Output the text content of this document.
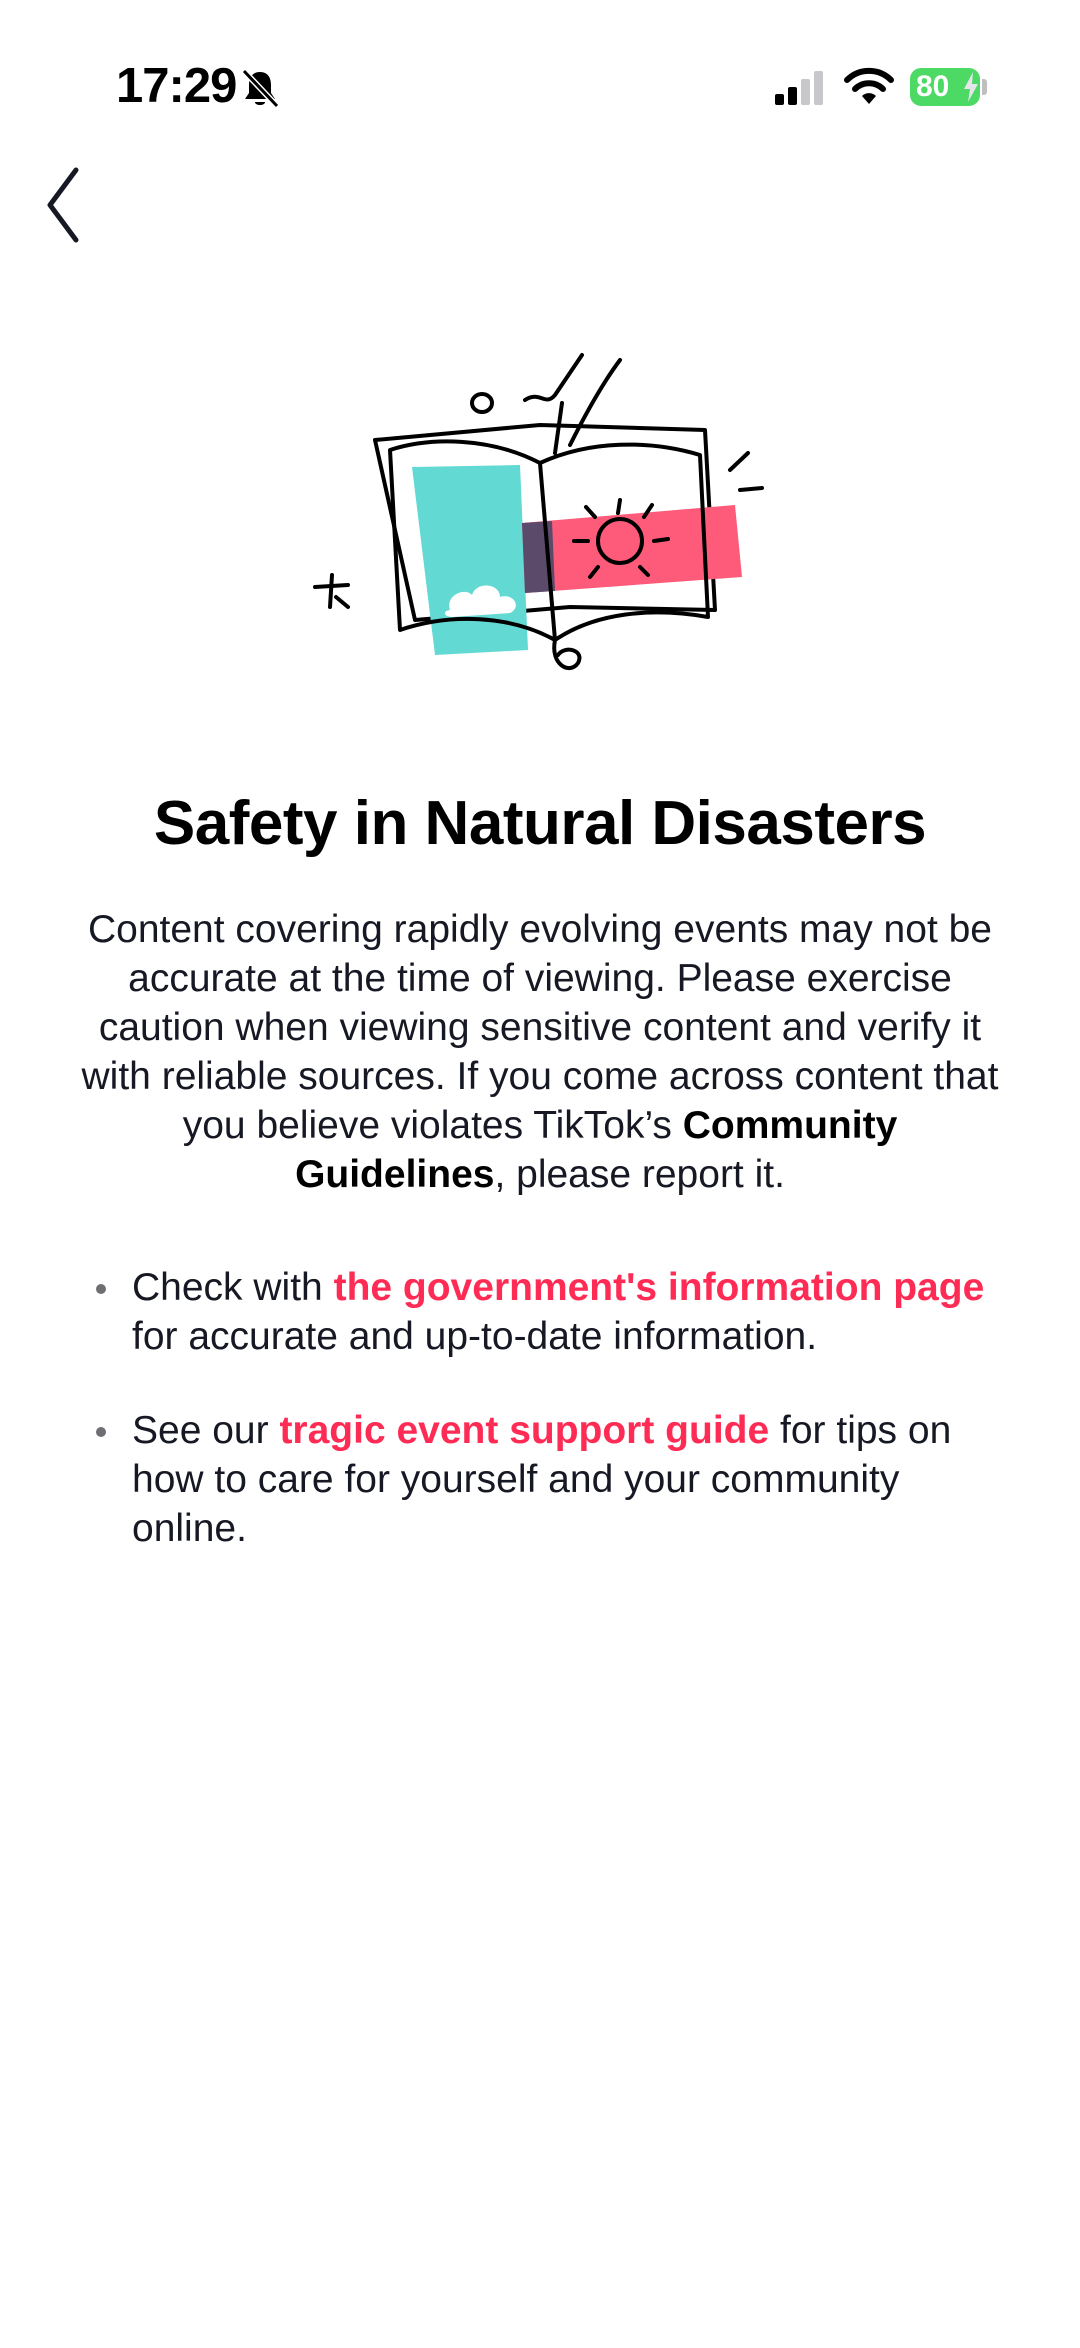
17:29	80
Safety in Natural Disasters
Content covering rapidly evolving events may not be accurate at the time of viewing. Please exercise caution when viewing sensitive content and verify it with reliable sources. If you come across content that you believe violates TikTok’s Community Guidelines, please report it.
Check with the government's information page for accurate and up-to-date information.
See our tragic event support guide for tips on how to care for yourself and your community online.
